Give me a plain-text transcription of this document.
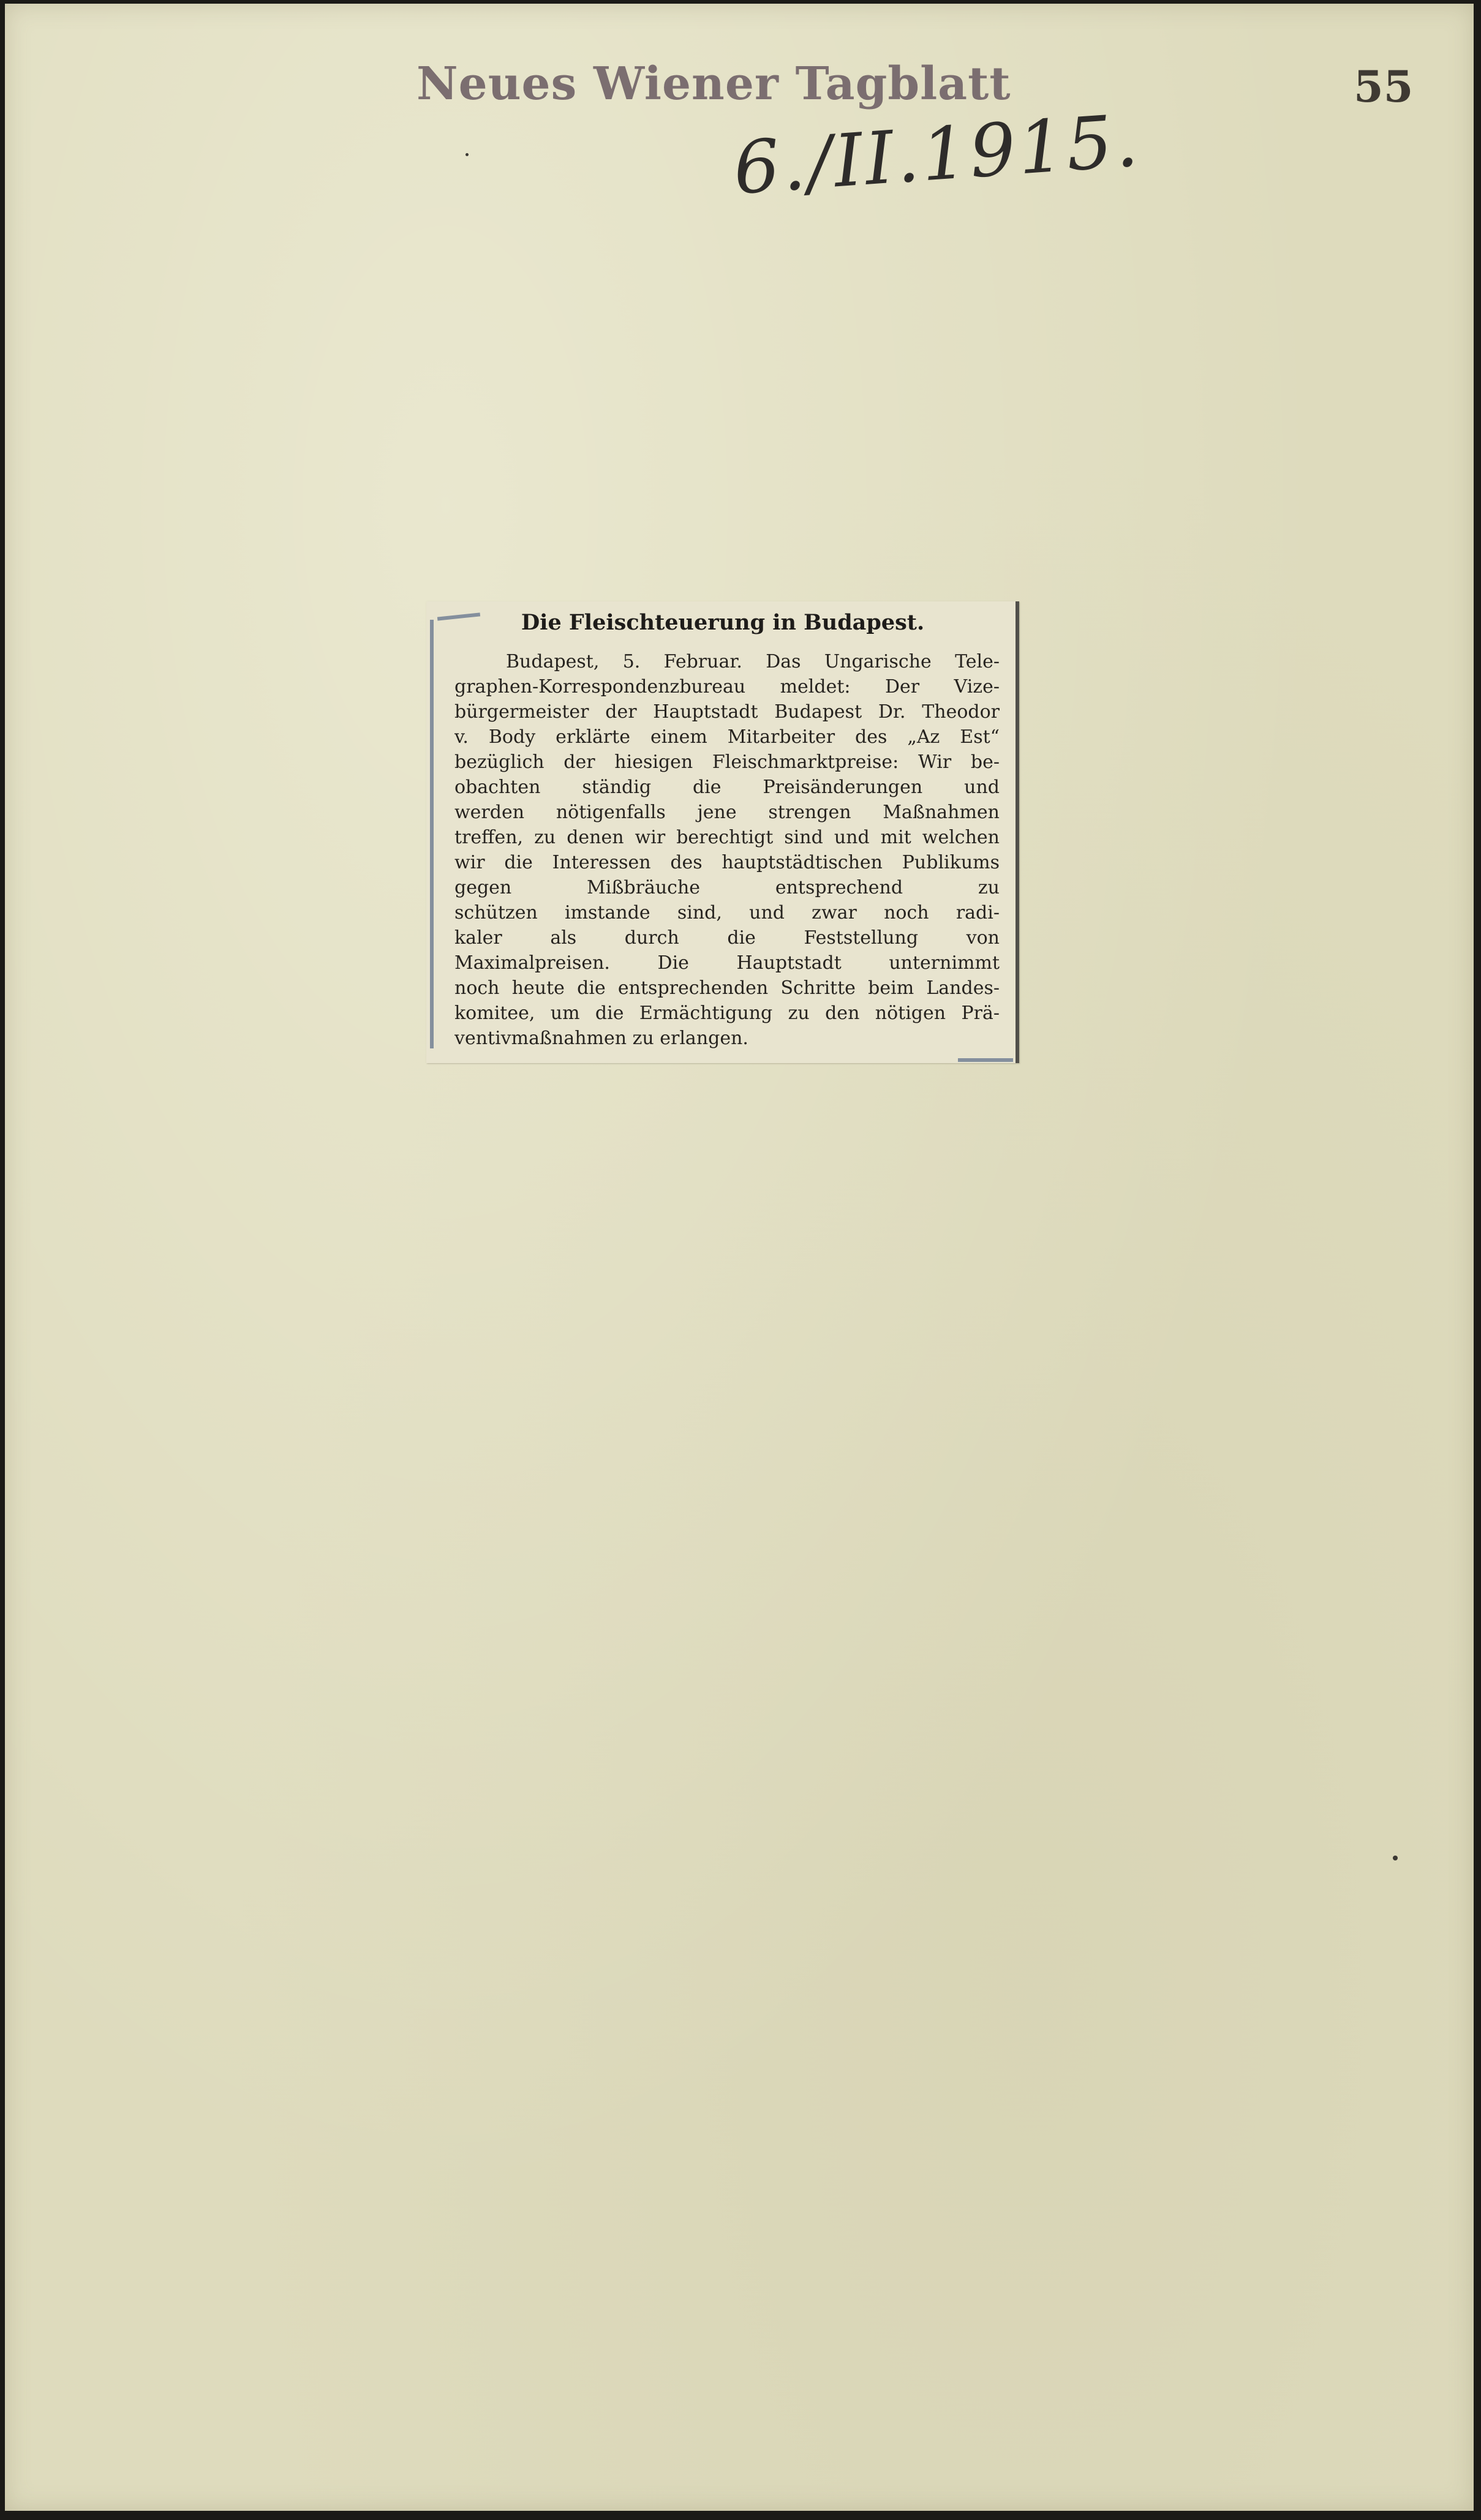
Neues Wiener Tagblatt	55
6./II.1915.
Die Fleischteuerung in Budapest.
Budapest, 5. Februar. Das Ungarische Tele-
graphen-Korrespondenzbureau meldet: Der Vize-
bürgermeister der Hauptstadt Budapest Dr. Theodor
v. Body erklärte einem Mitarbeiter des „Az Est“
bezüglich der hiesigen Fleischmarktpreise: Wir be-
obachten ständig die Preisänderungen und
werden nötigenfalls jene strengen Maßnahmen
treffen, zu denen wir berechtigt sind und mit welchen
wir die Interessen des hauptstädtischen Publikums
gegen Mißbräuche entsprechend zu
schützen imstande sind, und zwar noch radi-
kaler als durch die Feststellung von
Maximalpreisen. Die Hauptstadt unternimmt
noch heute die entsprechenden Schritte beim Landes-
komitee, um die Ermächtigung zu den nötigen Prä-
ventivmaßnahmen zu erlangen.
